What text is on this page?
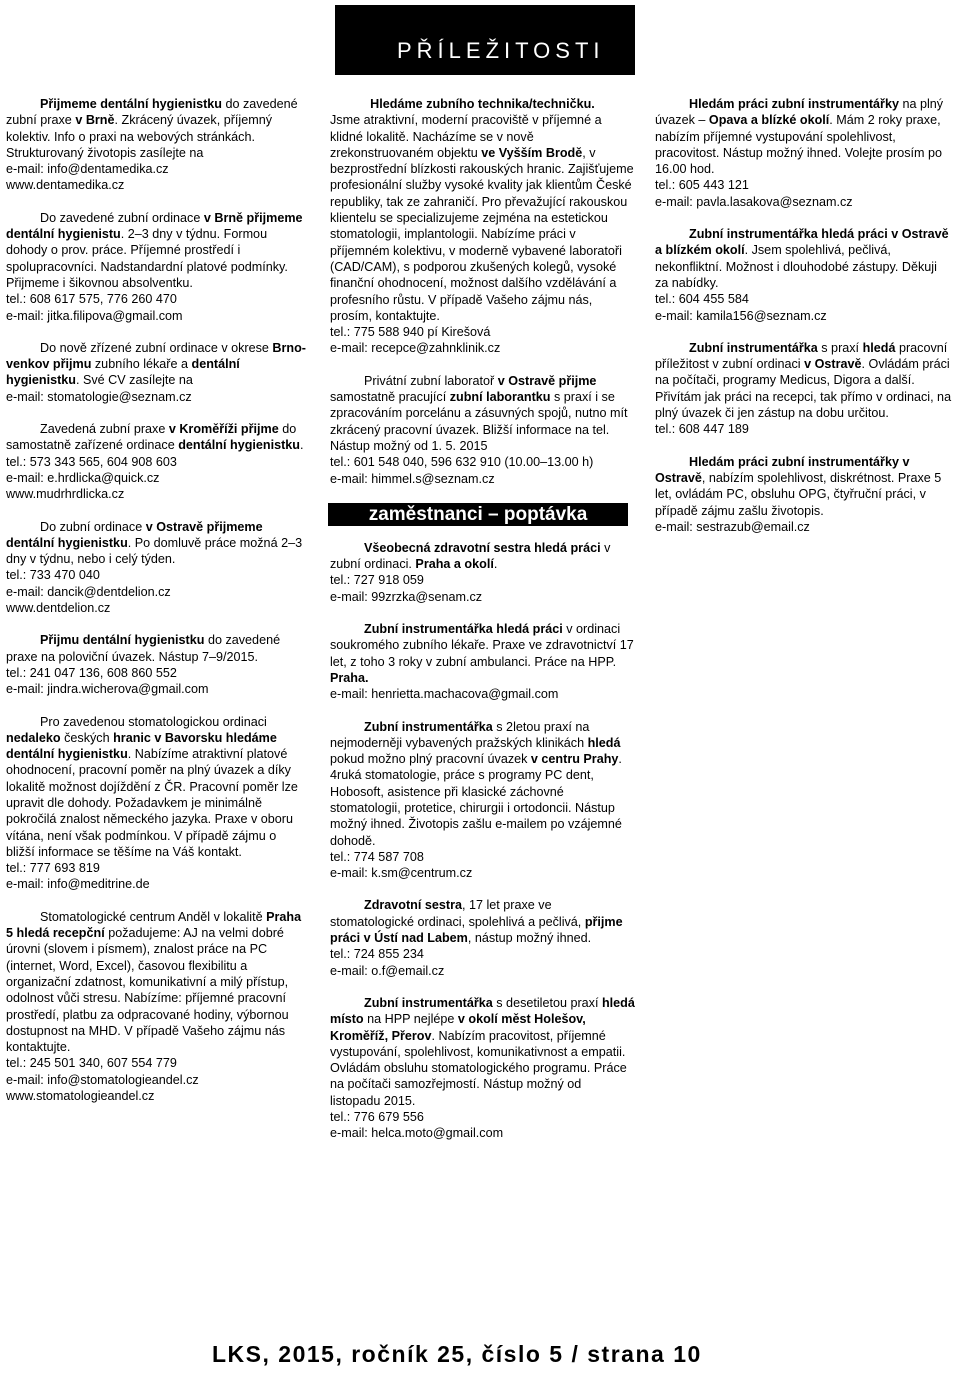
PŘÍLEŽITOSTI
Přijmeme dentální hygienistku do zavedené zubní praxe v Brně. Zkrácený úvazek, příjemný kolektiv. Info o praxi na webových stránkách. Strukturovaný životopis zasílejte na
e-mail: info@dentamedika.cz
www.dentamedika.cz
Do zavedené zubní ordinace v Brně přijmeme dentální hygienistu. 2–3 dny v týdnu. Formou dohody o prov. práce. Příjemné prostředí i spolupracovníci. Nadstandardní platové podmínky. Přijmeme i šikovnou absolventku.
tel.: 608 617 575, 776 260 470
e-mail: jitka.filipova@gmail.com
Do nově zřízené zubní ordinace v okrese Brno-venkov přijmu zubního lékaře a dentální hygienistku. Své CV zasílejte na
e-mail: stomatologie@seznam.cz
Zavedená zubní praxe v Kroměříži přijme do samostatně zařízené ordinace dentální hygienistku.
tel.: 573 343 565, 604 908 603
e-mail: e.hrdlicka@quick.cz
www.mudrhrdlicka.cz
Do zubní ordinace v Ostravě přijmeme dentální hygienistku. Po domluvě práce možná 2–3 dny v týdnu, nebo i celý týden.
tel.: 733 470 040
e-mail: dancik@dentdelion.cz
www.dentdelion.cz
Přijmu dentální hygienistku do zavedené praxe na poloviční úvazek. Nástup 7–9/2015.
tel.: 241 047 136, 608 860 552
e-mail: jindra.wicherova@gmail.com
Pro zavedenou stomatologickou ordinaci nedaleko českých hranic v Bavorsku hledáme dentální hygienistku. Nabízíme atraktivní platové ohodnocení, pracovní poměr na plný úvazek a díky lokalitě možnost dojíždění z ČR. Pracovní poměr lze upravit dle dohody. Požadavkem je minimálně pokročilá znalost německého jazyka. Praxe v oboru vítána, není však podmínkou. V případě zájmu o bližší informace se těšíme na Váš kontakt.
tel.: 777 693 819
e-mail: info@meditrine.de
Stomatologické centrum Anděl v lokalitě Praha 5 hledá recepční požadujeme: AJ na velmi dobré úrovni (slovem i písmem), znalost práce na PC (internet, Word, Excel), časovou flexibilitu a organizační zdatnost, komunikativní a milý přístup, odolnost vůči stresu. Nabízíme: příjemné pracovní prostředí, platbu za odpracované hodiny, výbornou dostupnost na MHD. V případě Vašeho zájmu nás kontaktujte.
tel.: 245 501 340, 607 554 779
e-mail: info@stomatologieandel.cz
www.stomatologieandel.cz
Hledáme zubního technika/techničku.
Jsme atraktivní, moderní pracoviště v příjemné a klidné lokalitě. Nacházíme se v nově zrekonstruovaném objektu ve Vyšším Brodě, v bezprostřední blízkosti rakouských hranic. Zajišťujeme profesionální služby vysoké kvality jak klientům České republiky, tak ze zahraničí. Pro převažující rakouskou klientelu se specializujeme zejména na estetickou stomatologii, implantologii. Nabízíme práci v příjemném kolektivu, v moderně vybavené laboratoři (CAD/CAM), s podporou zkušených kolegů, vysoké finanční ohodnocení, možnost dalšího vzdělávání a profesního růstu. V případě Vašeho zájmu nás, prosím, kontaktujte.
tel.: 775 588 940 pí Kirešová
e-mail: recepce@zahnklinik.cz
Privátní zubní laboratoř v Ostravě přijme samostatně pracující zubní laborantku s praxí i se zpracováním porcelánu a zásuvných spojů, nutno mít zkrácený pracovní úvazek. Bližší informace na tel. Nástup možný od 1. 5. 2015
tel.: 601 548 040, 596 632 910 (10.00–13.00 h)
e-mail: himmel.s@seznam.cz
zaměstnanci – poptávka
Všeobecná zdravotní sestra hledá práci v zubní ordinaci. Praha a okolí.
tel.: 727 918 059
e-mail: 99zrzka@senam.cz
Zubní instrumentářka hledá práci v ordinaci soukromého zubního lékaře. Praxe ve zdravotnictví 17 let, z toho 3 roky v zubní ambulanci. Práce na HPP. Praha.
e-mail: henrietta.machacova@gmail.com
Zubní instrumentářka s 2letou praxí na nejmoderněji vybavených pražských klinikách hledá pokud možno plný pracovní úvazek v centru Prahy. 4ruká stomatologie, práce s programy PC dent, Hobosoft, asistence při klasické záchovné stomatologii, protetice, chirurgii i ortodoncii. Nástup možný ihned. Životopis zašlu e-mailem po vzájemné dohodě.
tel.: 774 587 708
e-mail: k.sm@centrum.cz
Zdravotní sestra, 17 let praxe ve stomatologické ordinaci, spolehlivá a pečlivá, přijme práci v Ústí nad Labem, nástup možný ihned.
tel.: 724 855 234
e-mail: o.f@email.cz
Zubní instrumentářka s desetiletou praxí hledá místo na HPP nejlépe v okolí měst Holešov, Kroměříž, Přerov. Nabízím pracovitost, příjemné vystupování, spolehlivost, komunikativnost a empatii. Ovládám obsluhu stomatologického programu. Práce na počítači samozřejmostí. Nástup možný od listopadu 2015.
tel.: 776 679 556
e-mail: helca.moto@gmail.com
Hledám práci zubní instrumentářky na plný úvazek – Opava a blízké okolí. Mám 2 roky praxe, nabízím příjemné vystupování spolehlivost, pracovitost. Nástup možný ihned. Volejte prosím po 16.00 hod.
tel.: 605 443 121
e-mail: pavla.lasakova@seznam.cz
Zubní instrumentářka hledá práci v Ostravě a blízkém okolí. Jsem spolehlivá, pečlivá, nekonfliktní. Možnost i dlouhodobé zástupy. Děkuji za nabídky.
tel.: 604 455 584
e-mail: kamila156@seznam.cz
Zubní instrumentářka s praxí hledá pracovní příležitost v zubní ordinaci v Ostravě. Ovládám práci na počítači, programy Medicus, Digora a další. Přivítám jak práci na recepci, tak přímo v ordinaci, na plný úvazek či jen zástup na dobu určitou.
tel.: 608 447 189
Hledám práci zubní instrumentářky v Ostravě, nabízím spolehlivost, diskrétnost. Praxe 5 let, ovládám PC, obsluhu OPG, čtyřruční práci, v případě zájmu zašlu životopis.
e-mail: sestrazub@email.cz
LKS, 2015, ročník 25, číslo 5 / strana 10
